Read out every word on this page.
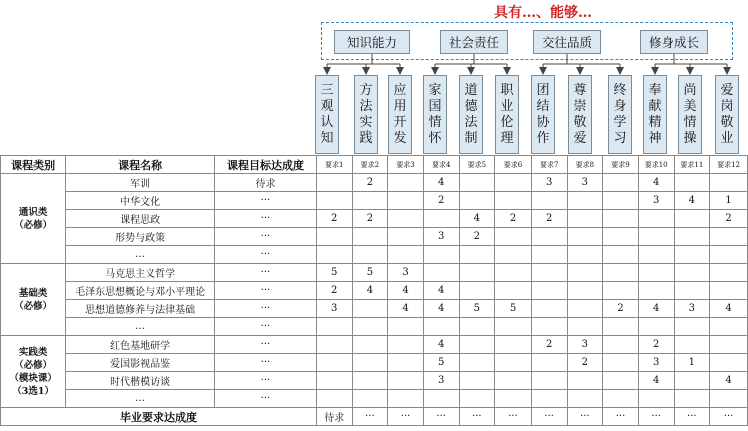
具有…、能够…
知识能力	社会责任	交往品质	修身成长
三
观
认
知
方
法
实
践
应
用
开
发
家
国
情
怀
道
德
法
制
职
业
伦
理
团
结
协
作
尊
崇
敬
爱
终
身
学
习
奉
献
精
神
尚
美
情
操
爱
岗
敬
业
课程类别	课程名称	课程目标达成度	要求1	要求2	要求3	要求4	要求5	要求6	要求7	要求8	要求9	要求10	要求11	要求12
通识类
（必修）	军训	待求		2		4			3	3		4		
	中华文化	···				2						3	4	1
	课程思政	···	2	2			4	2	2					2
	形势与政策	···				3	2							
	…	···												
基础类
（必修）	马克思主义哲学	···	5	5	3									
	毛泽东思想概论与邓小平理论	···	2	4	4	4								
	思想道德修养与法律基础	···	3		4	4	5	5			2	4	3	4
	…	···												
实践类
（必修）
（模块课）
（3选1）	红色基地研学	···				4			2	3		2		
	爱国影视品鉴	···				5				2		3	1	
	时代楷模访谈	···				3						4		4
	…	···												
毕业要求达成度			待求	···	···	···	···	···	···	···	···	···	···	···
